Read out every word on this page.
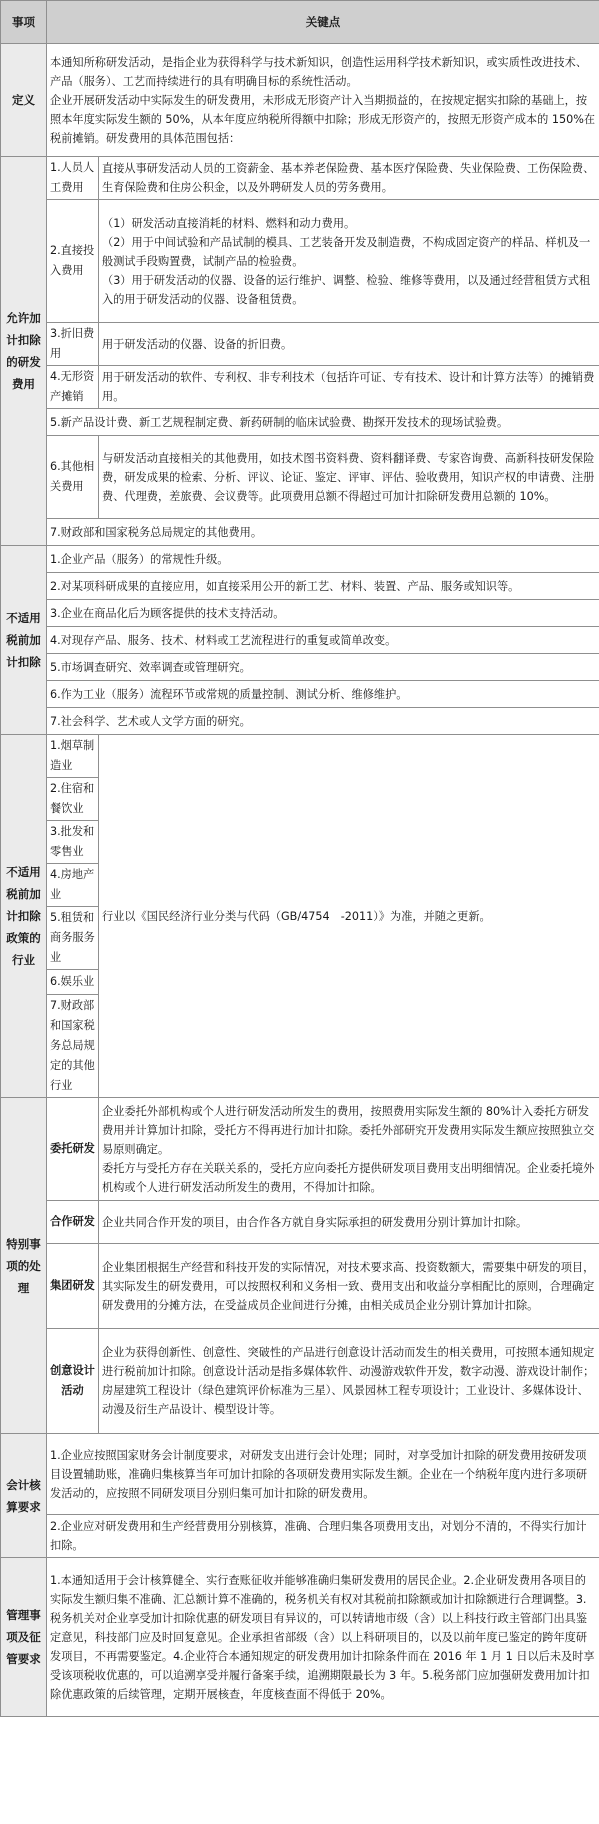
事项	关键点	
定义	本通知所称研发活动，是指企业为获得科学与技术新知识，创造性运用科学技术新知识，或实质性改进技术、产品（服务）、工艺而持续进行的具有明确目标的系统性活动。

企业开展研发活动中实际发生的研发费用，未形成无形资产计入当期损益的，在按规定据实扣除的基础上，按照本年度实际发生额的 50%，从本年度应纳税所得额中扣除；形成无形资产的，按照无形资产成本的 150%在税前摊销。研发费用的具体范围包括：	

允许加计扣除的研发费用	1.人员人工费用	直接从事研发活动人员的工资薪金、基本养老保险费、基本医疗保险费、失业保险费、工伤保险费、生育保险费和住房公积金，以及外聘研发人员的劳务费用。
	2.直接投入费用	（1）研发活动直接消耗的材料、燃料和动力费用。

（2）用于中间试验和产品试制的模具、工艺装备开发及制造费，不构成固定资产的样品、样机及一般测试手段购置费，试制产品的检验费。

（3）用于研发活动的仪器、设备的运行维护、调整、检验、维修等费用，以及通过经营租赁方式租入的用于研发活动的仪器、设备租赁费。

	3.折旧费用	用于研发活动的仪器、设备的折旧费。
	4.无形资产摊销	用于研发活动的软件、专利权、非专利技术（包括许可证、专有技术、设计和计算方法等）的摊销费用。
	5.新产品设计费、新工艺规程制定费、新药研制的临床试验费、勘探开发技术的现场试验费。	
	6.其他相关费用	与研发活动直接相关的其他费用，如技术图书资料费、资料翻译费、专家咨询费、高新科技研发保险费，研发成果的检索、分析、评议、论证、鉴定、评审、评估、验收费用，知识产权的申请费、注册费、代理费，差旅费、会议费等。此项费用总额不得超过可加计扣除研发费用总额的 10%。
	7.财政部和国家税务总局规定的其他费用。	
不适用税前加计扣除	1.企业产品（服务）的常规性升级。	
	2.对某项科研成果的直接应用，如直接采用公开的新工艺、材料、装置、产品、服务或知识等。	
	3.企业在商品化后为顾客提供的技术支持活动。	
	4.对现存产品、服务、技术、材料或工艺流程进行的重复或简单改变。	
	5.市场调查研究、效率调查或管理研究。	
	6.作为工业（服务）流程环节或常规的质量控制、测试分析、维修维护。	
	7.社会科学、艺术或人文学方面的研究。	
不适用税前加计扣除政策的行业	1.烟草制造业	行业以《国民经济行业分类与代码（GB/4754　-2011）》为准，并随之更新。
	2.住宿和餐饮业	
	3.批发和零售业	
	4.房地产业	
	5.租赁和商务服务业	
	6.娱乐业	
	7.财政部和国家税务总局规定的其他行业	
特别事项的处理	委托研发	企业委托外部机构或个人进行研发活动所发生的费用，按照费用实际发生额的 80%计入委托方研发费用并计算加计扣除，受托方不得再进行加计扣除。委托外部研究开发费用实际发生额应按照独立交易原则确定。

委托方与受托方存在关联关系的，受托方应向委托方提供研发项目费用支出明细情况。企业委托境外机构或个人进行研发活动所发生的费用，不得加计扣除。

	合作研发	企业共同合作开发的项目，由合作各方就自身实际承担的研发费用分别计算加计扣除。
	集团研发	企业集团根据生产经营和科技开发的实际情况，对技术要求高、投资数额大，需要集中研发的项目，其实际发生的研发费用，可以按照权利和义务相一致、费用支出和收益分享相配比的原则，合理确定研发费用的分摊方法，在受益成员企业间进行分摊，由相关成员企业分别计算加计扣除。
	创意设计活动	企业为获得创新性、创意性、突破性的产品进行创意设计活动而发生的相关费用，可按照本通知规定进行税前加计扣除。创意设计活动是指多媒体软件、动漫游戏软件开发，数字动漫、游戏设计制作；房屋建筑工程设计（绿色建筑评价标准为三星）、风景园林工程专项设计；工业设计、多媒体设计、动漫及衍生产品设计、模型设计等。
会计核算要求	1.企业应按照国家财务会计制度要求，对研发支出进行会计处理；同时，对享受加计扣除的研发费用按研发项目设置辅助账，准确归集核算当年可加计扣除的各项研发费用实际发生额。企业在一个纳税年度内进行多项研发活动的，应按照不同研发项目分别归集可加计扣除的研发费用。	
	2.企业应对研发费用和生产经营费用分别核算，准确、合理归集各项费用支出，对划分不清的，不得实行加计扣除。	
管理事项及征管要求	1.本通知适用于会计核算健全、实行查账征收并能够准确归集研发费用的居民企业。2.企业研发费用各项目的实际发生额归集不准确、汇总额计算不准确的，税务机关有权对其税前扣除额或加计扣除额进行合理调整。3.税务机关对企业享受加计扣除优惠的研发项目有异议的，可以转请地市级（含）以上科技行政主管部门出具鉴定意见，科技部门应及时回复意见。企业承担省部级（含）以上科研项目的，以及以前年度已鉴定的跨年度研发项目，不再需要鉴定。4.企业符合本通知规定的研发费用加计扣除条件而在 2016 年 1 月 1 日以后未及时享受该项税收优惠的，可以追溯享受并履行备案手续，追溯期限最长为 3 年。5.税务部门应加强研发费用加计扣除优惠政策的后续管理，定期开展核查，年度核查面不得低于 20%。	
